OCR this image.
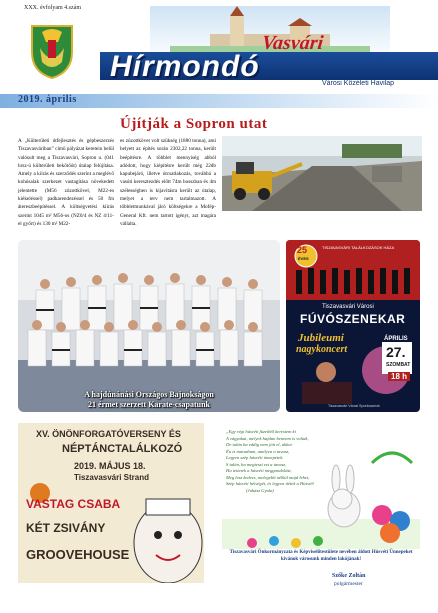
XXX. évfolyam 4.szám
Vasvári
Hírmondó
Városi Közéleti Havilap
2019. április
Újítják a Sopron utat
A „Külterületi útfejlesztés és gépbeszerzés Tiszavasváriban” című pályázat keretein belül valósult meg a Tiszavasvári, Sopron u. (041 hrsz-ú külterületi bekötőút) útalap felújítása. Amely a kiírás és szerződés szerint a meglévő kohósalak szerkezet vastagítása növekedett jelentette (M56 zúzottkővel, M22-es kiékeléssel) padkarendezéssel és 50 fm átereszbeépítéssel. A költségvetési kiírás szerint 1045 m² M56-os (NZ0/4 és NZ 4/11-el győrt) és 130 m² M22-
es zúzottkövet volt szükség (1880 tonna), ami helyett az építés során 2302,22 tonna, került beépítésre. A többlet mennyiség abból adódott, hogy kiépítésre került még 22db kapubejáró, illetve útcsatlakozás, továbbá a vasúti keresztezdés előtt 74m hosszban és 4m szélességben is kijavításra került az útalap, melyet a terv nem tartalmazott. A többletmunkával járó költségekre a Mofép-General Kft. nem tartott igényt, azt magára vállalta.
A hajdúnánási Országos Bajnokságon
21 érmet szerzett Karate-csapatunk
25
ÉVES
TISZAVASVÁRI TALÁLKOZÁSOK HÁZA
Tiszavasvári Városi
FÚVÓSZENEKAR
Jubileumi
nagykoncert
ÁPRILIS
27.
SZOMBAT
18 h
Tiszavasvári Városi Sportcsarnok
XV. ÖNÖNFORGATÓVERSENY ÉS
NÉPTÁNCTALÁLKOZÓ
2019. MÁJUS 18.
Tiszavasvári Strand
VASTAG CSABA
KÉT ZSIVÁNY
GROOVEHOUSE
„Egy régi húsvéti füzetből kerestem ki
A vágyakat, melyek hajdan bennem is voltak,
De talán ha eddig nem jött el, akkor
Én is maradtam, amilyen a tavasz,
Legyen szép húsvéti ünnepetek.
S talán, ha megteszi ezt a tavasz,
Ha tettetek a húsvéti meggondolást,
Meg lesz kedves, melegebb nélkül majd lehet,
Szép húsvéti hétvégét, és legyen tiétek a Húsvét!
(Juhász Gyula)
Tiszavasvári Önkormányzata és Képviselőtestülete nevében áldott Húsvéti Ünnepeket kívánok városunk minden lakójának!
Szőke Zoltán
polgármester
